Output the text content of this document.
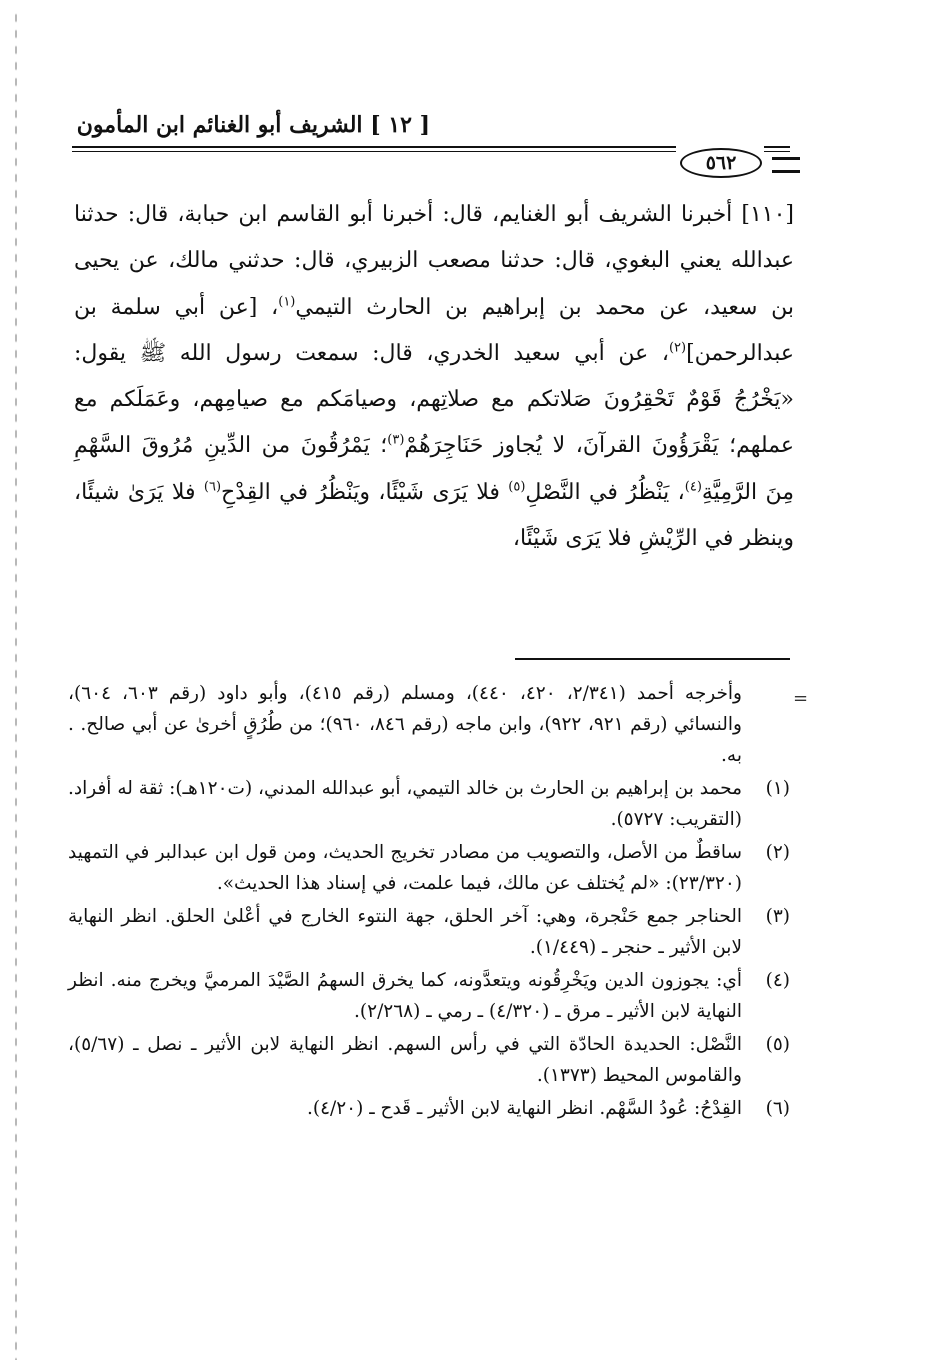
[ ١٢ ] الشريف أبو الغنائم ابن المأمون
٥٦٢

[١١٠] أخبرنا الشريف أبو الغنايم، قال: أخبرنا أبو القاسم ابن حبابة، قال: حدثنا عبدالله يعني البغوي، قال: حدثنا مصعب الزبيري، قال: حدثني مالك، عن يحيى بن سعيد، عن محمد بن إبراهيم بن الحارث التيمي$^{(١)}$، [عن أبي سلمة بن عبدالرحمن]$^{(٢)}$، عن أبي سعيد الخدري، قال: سمعت رسول الله ﷺ يقول: «يَخْرُجُ قَوْمٌ تَحْقِرُونَ صَلاتكم مع صلاتِهم، وصيامَكم مع صيامِهم، وعَمَلَكم مع عملهم؛ يَقْرَؤُونَ القرآنَ، لا يُجاوز حَنَاجِرَهُمْ$^{(٣)}$؛ يَمْرُقُونَ من الدِّينِ مُرُوقَ السَّهْمِ مِنَ الرَّمِيَّةِ$^{(٤)}$، يَنْظُرُ في النَّصْلِ$^{(٥)}$ فلا يَرَى شَيْئًا، ويَنْظُرُ في القِدْحِ$^{(٦)}$ فلا يَرَىٰ شيئًا، وينظر في الرِّيْشِ فلا يَرَى شَيْئًا،

=
وأخرجه أحمد (٢/٣٤١، ٤٢٠، ٤٤٠)، ومسلم (رقم ٤١٥)، وأبو داود (رقم ٦٠٣، ٦٠٤)، والنسائي (رقم ٩٢١، ٩٢٢)، وابن ماجه (رقم ٨٤٦، ٩٦٠)؛ من طُرُقٍ أخرىٰ عن أبي صالح. . به.
(١)
محمد بن إبراهيم بن الحارث بن خالد التيمي، أبو عبدالله المدني، (ت١٢٠هـ): ثقة له أفراد. (التقريب: ٥٧٢٧).
(٢)
ساقطٌ من الأصل، والتصويب من مصادر تخريج الحديث، ومن قول ابن عبدالبر في التمهيد (٢٣/٣٢٠): «لم يُختلف عن مالك، فيما علمت، في إسناد هذا الحديث».
(٣)
الحناجر جمع حَنْجرة، وهي: آخر الحلق، جهة النتوء الخارج في أعْلىٰ الحلق. انظر النهاية لابن الأثير ـ حنجر ـ (١/٤٤٩).
(٤)
أي: يجوزون الدين ويَخْرِقُونه ويتعدَّونه، كما يخرق السهمُ الصَّيْدَ المرميَّ ويخرج منه. انظر النهاية لابن الأثير ـ مرق ـ (٤/٣٢٠) ـ رمي ـ (٢/٢٦٨).
(٥)
النَّصْل: الحديدة الحادّة التي في رأس السهم. انظر النهاية لابن الأثير ـ نصل ـ (٥/٦٧)، والقاموس المحيط (١٣٧٣).
(٦)
القِدْحُ: عُودُ السَّهْم. انظر النهاية لابن الأثير ـ قَدح ـ (٤/٢٠).
